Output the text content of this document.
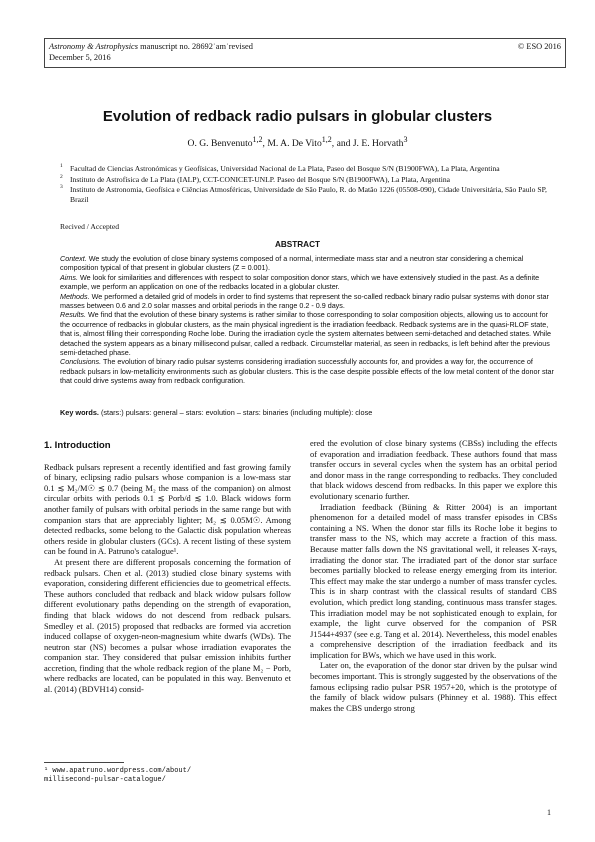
Astronomy & Astrophysics manuscript no. 28692˙am˙revised
December 5, 2016
© ESO 2016
Evolution of redback radio pulsars in globular clusters
O. G. Benvenuto$^{1,2}$, M. A. De Vito$^{1,2}$, and J. E. Horvath$^3$
1 Facultad de Ciencias Astronómicas y Geofísicas, Universidad Nacional de La Plata, Paseo del Bosque S/N (B1900FWA), La Plata, Argentina
2 Instituto de Astrofísica de La Plata (IALP), CCT-CONICET-UNLP. Paseo del Bosque S/N (B1900FWA), La Plata, Argentina
3 Instituto de Astronomia, Geofísica e Ciências Atmosféricas, Universidade de São Paulo, R. do Matão 1226 (05508-090), Cidade Universitária, São Paulo SP, Brazil
Recived / Accepted
ABSTRACT

Context. We study the evolution of close binary systems composed of a normal, intermediate mass star and a neutron star considering a chemical composition typical of that present in globular clusters (Z = 0.001).

Aims. We look for similarities and differences with respect to solar composition donor stars, which we have extensively studied in the past. As a definite example, we perform an application on one of the redbacks located in a globular cluster.

Methods. We performed a detailed grid of models in order to find systems that represent the so-called redback binary radio pulsar systems with donor star masses between 0.6 and 2.0 solar masses and orbital periods in the range 0.2 - 0.9 days.

Results. We find that the evolution of these binary systems is rather similar to those corresponding to solar composition objects, allowing us to account for the occurrence of redbacks in globular clusters, as the main physical ingredient is the irradiation feedback. Redback systems are in the quasi-RLOF state, that is, almost filling their corresponding Roche lobe. During the irradiation cycle the system alternates between semi-detached and detached states. While detached the system appears as a binary millisecond pulsar, called a redback. Circumstellar material, as seen in redbacks, is left behind after the previous semi-detached phase.

Conclusions. The evolution of binary radio pulsar systems considering irradiation successfully accounts for, and provides a way for, the occurrence of redback pulsars in low-metallicity environments such as globular clusters. This is the case despite possible effects of the low metal content of the donor star that could drive systems away from redback configuration.

Key words. (stars:) pulsars: general – stars: evolution – stars: binaries (including multiple): close
1. Introduction

Redback pulsars represent a recently identified and fast growing family of binary, eclipsing radio pulsars whose companion is a low-mass star 0.1 ≲ M₂/M☉ ≲ 0.7 (being M₂ the mass of the companion) on almost circular orbits with periods 0.1 ≲ Porb/d ≲ 1.0. Black widows form another family of pulsars with orbital periods in the same range but with companion stars that are appreciably lighter; M₂ ≲ 0.05M☉. Among detected redbacks, some belong to the Galactic disk population whereas others reside in globular clusters (GCs). A recent listing of these system can be found in A. Patruno's catalogue¹.

At present there are different proposals concerning the formation of redback pulsars. Chen et al. (2013) studied close binary systems with evaporation, considering different efficiencies due to geometrical effects. These authors concluded that redback and black widow pulsars follow different evolutionary paths depending on the strength of evaporation, finding that black widows do not descend from redback pulsars. Smedley et al. (2015) proposed that redbacks are formed via accretion induced collapse of oxygen-neon-magnesium white dwarfs (WDs). The neutron star (NS) becomes a pulsar whose irradiation evaporates the companion star. They considered that pulsar emission inhibits further accretion, finding that the whole redback region of the plane M₂ − Porb, where redbacks are located, can be populated in this way. Benvenuto et al. (2014) (BDVH14) consid-

ered the evolution of close binary systems (CBSs) including the effects of evaporation and irradiation feedback. These authors found that mass transfer occurs in several cycles when the system has an orbital period and donor mass in the range corresponding to redbacks. They concluded that black widows descend from redbacks. In this paper we explore this evolutionary scenario further.

Irradiation feedback (Büning & Ritter 2004) is an important phenomenon for a detailed model of mass transfer episodes in CBSs containing a NS. When the donor star fills its Roche lobe it begins to transfer mass to the NS, which may accrete a fraction of this mass. Because matter falls down the NS gravitational well, it releases X-rays, irradiating the donor star. The irradiated part of the donor star surface becomes partially blocked to release energy emerging from its interior. This effect may make the star undergo a number of mass transfer cycles. This is in sharp contrast with the classical results of standard CBS evolution, which predict long standing, continuous mass transfer stages. This irradiation model may be not sophisticated enough to explain, for example, the light curve observed for the companion of PSR J1544+4937 (see e.g. Tang et al. 2014). Nevertheless, this model enables a comprehensive description of the irradiation feedback and its implication for BWs, which we have used in this work.

Later on, the evaporation of the donor star driven by the pulsar wind becomes important. This is strongly suggested by the observations of the famous eclipsing radio pulsar PSR 1957+20, which is the prototype of the family of black widow pulsars (Phinney et al. 1988). This effect makes the CBS undergo strong

¹ www.apatruno.wordpress.com/about/
millisecond-pulsar-catalogue/
1
